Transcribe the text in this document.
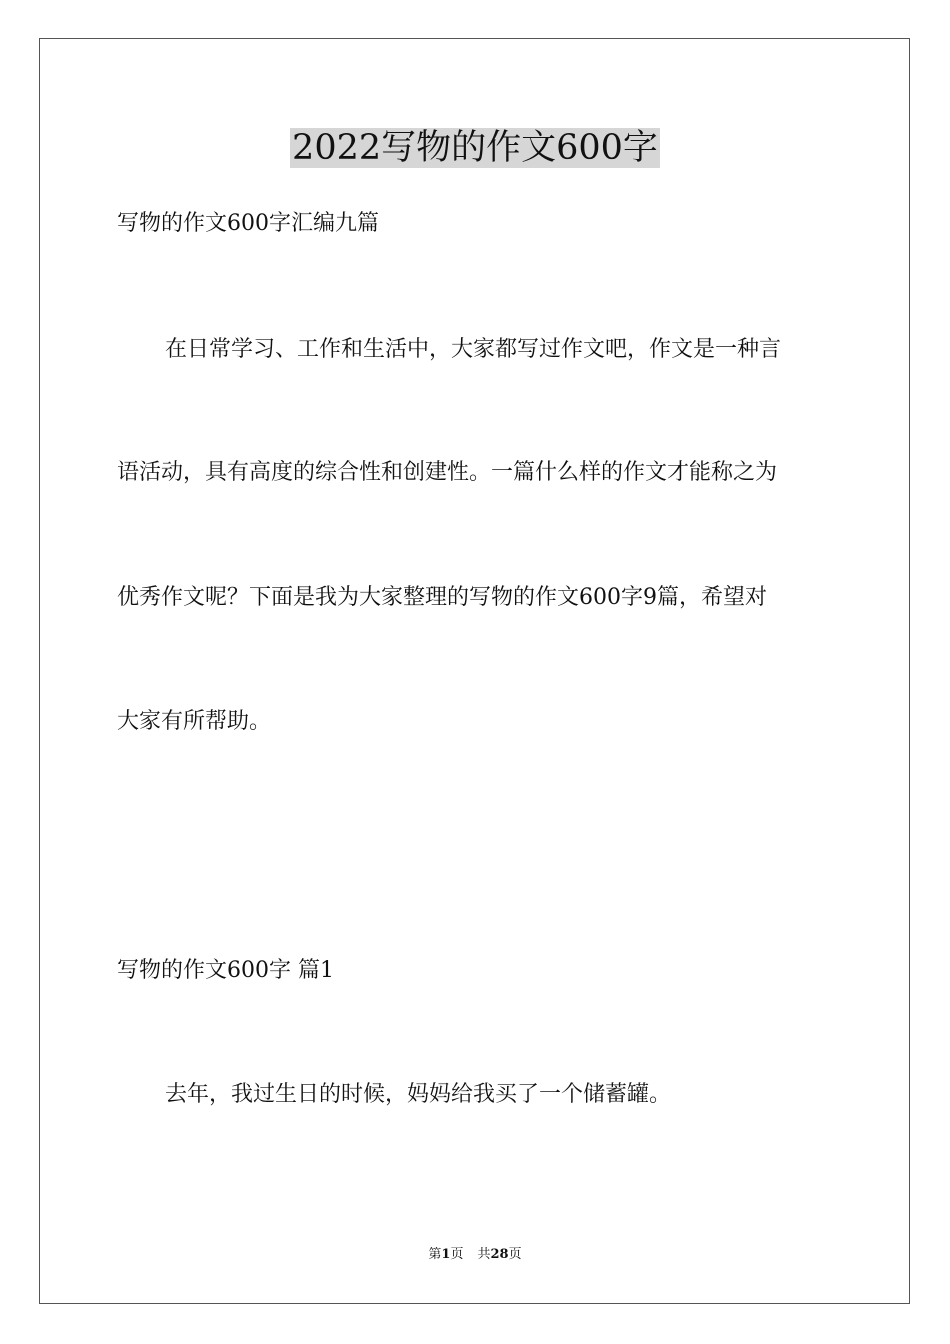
2022写物的作文600字

写物的作文600字汇编九篇

在日常学习、工作和生活中，大家都写过作文吧，作文是一种言

语活动，具有高度的综合性和创建性。一篇什么样的作文才能称之为

优秀作文呢？下面是我为大家整理的写物的作文600字9篇，希望对

大家有所帮助。

写物的作文600字 篇1

去年，我过生日的时候，妈妈给我买了一个储蓄罐。

第1页 共28页
